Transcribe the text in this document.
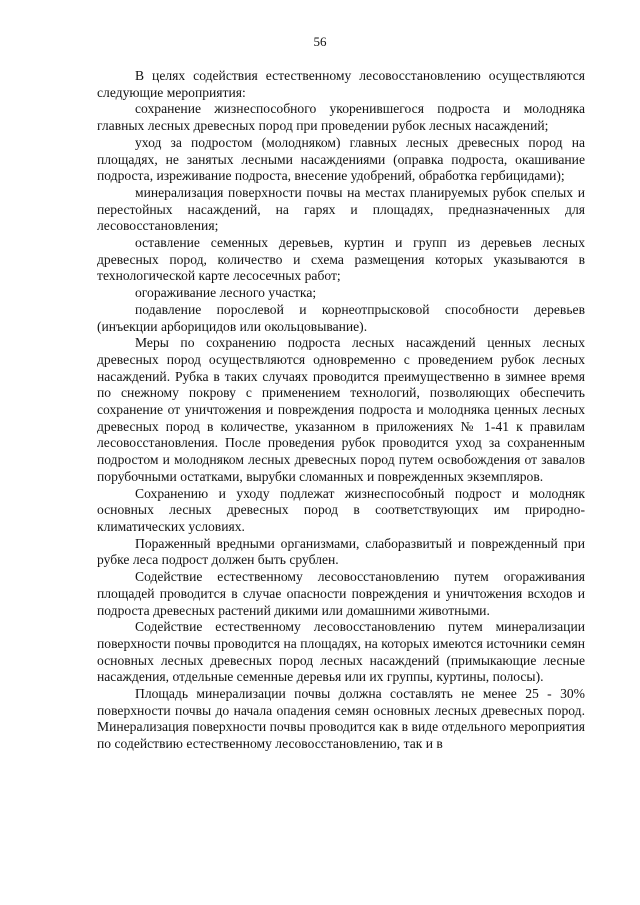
56

В целях содействия естественному лесовосстановлению осуществляются следующие мероприятия:

сохранение жизнеспособного укоренившегося подроста и молодняка главных лесных древесных пород при проведении рубок лесных насаждений;

уход за подростом (молодняком) главных лесных древесных пород на площадях, не занятых лесными насаждениями (оправка подроста, окашивание подроста, изреживание подроста, внесение удобрений, обработка гербицидами);

минерализация поверхности почвы на местах планируемых рубок спелых и перестойных насаждений, на гарях и площадях, предназначенных для лесовосстановления;

оставление семенных деревьев, куртин и групп из деревьев лесных древесных пород, количество и схема размещения которых указываются в технологической карте лесосечных работ;

огораживание лесного участка;

подавление порослевой и корнеотпрысковой способности деревьев (инъекции арборицидов или окольцовывание).

Меры по сохранению подроста лесных насаждений ценных лесных древесных пород осуществляются одновременно с проведением рубок лесных насаждений. Рубка в таких случаях проводится преимущественно в зимнее время по снежному покрову с применением технологий, позволяющих обеспечить сохранение от уничтожения и повреждения подроста и молодняка ценных лесных древесных пород в количестве, указанном в приложениях № 1-41 к правилам лесовосстановления. После проведения рубок проводится уход за сохраненным подростом и молодняком лесных древесных пород путем освобождения от завалов порубочными остатками, вырубки сломанных и поврежденных экземпляров.

Сохранению и уходу подлежат жизнеспособный подрост и молодняк основных лесных древесных пород в соответствующих им природно-климатических условиях.

Пораженный вредными организмами, слаборазвитый и поврежденный при рубке леса подрост должен быть срублен.

Содействие естественному лесовосстановлению путем огораживания площадей проводится в случае опасности повреждения и уничтожения всходов и подроста древесных растений дикими или домашними животными.

Содействие естественному лесовосстановлению путем минерализации поверхности почвы проводится на площадях, на которых имеются источники семян основных лесных древесных пород лесных насаждений (примыкающие лесные насаждения, отдельные семенные деревья или их группы, куртины, полосы).

Площадь минерализации почвы должна составлять не менее 25 - 30% поверхности почвы до начала опадения семян основных лесных древесных пород. Минерализация поверхности почвы проводится как в виде отдельного мероприятия по содействию естественному лесовосстановлению, так и в
